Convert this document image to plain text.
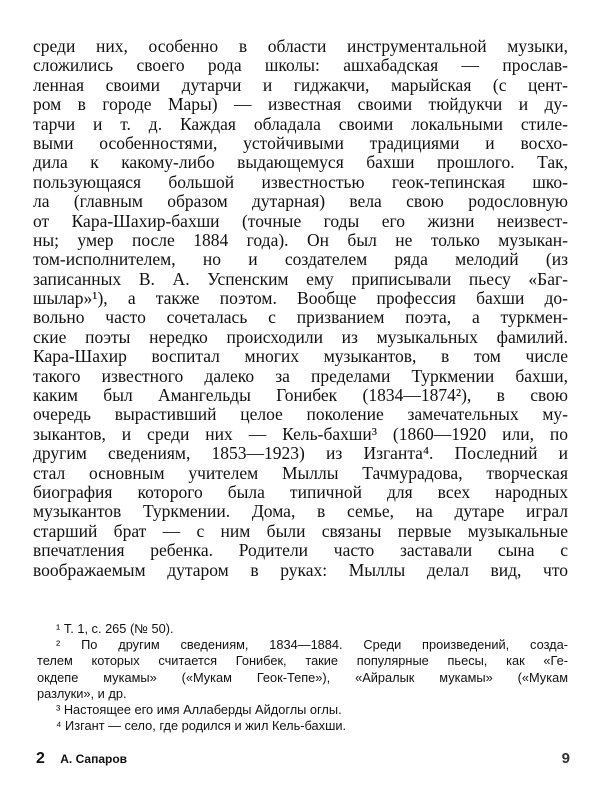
среди них, особенно в области инструментальной музыки,
сложились своего рода школы: ашхабадская — прослав-
ленная своими дутарчи и гиджакчи, марыйская (с цент-
ром в городе Мары) — известная своими тюйдукчи и ду-
тарчи и т. д. Каждая обладала своими локальными стиле-
выми особенностями, устойчивыми традициями и восхо-
дила к какому-либо выдающемуся бахши прошлого. Так,
пользующаяся большой известностью геок-тепинская шко-
ла (главным образом дутарная) вела свою родословную
от Кара-Шахир-бахши (точные годы его жизни неизвест-
ны; умер после 1884 года). Он был не только музыкан-
том-исполнителем, но и создателем ряда мелодий (из
записанных В. А. Успенским ему приписывали пьесу «Баг-
шылар»¹), а также поэтом. Вообще профессия бахши до-
вольно часто сочеталась с призванием поэта, а туркмен-
ские поэты нередко происходили из музыкальных фамилий.
Кара-Шахир воспитал многих музыкантов, в том числе
такого известного далеко за пределами Туркмении бахши,
каким был Амангельды Гонибек (1834—1874²), в свою
очередь вырастивший целое поколение замечательных му-
зыкантов, и среди них — Кель-бахши³ (1860—1920 или, по
другим сведениям, 1853—1923) из Изганта⁴. Последний и
стал основным учителем Мыллы Тачмурадова, творческая
биография которого была типичной для всех народных
музыкантов Туркмении. Дома, в семье, на дутаре играл
старший брат — с ним были связаны первые музыкальные
впечатления ребенка. Родители часто заставали сына с
воображаемым дутаром в руках: Мыллы делал вид, что
¹ Т. 1, с. 265 (№ 50).
² По другим сведениям, 1834—1884. Среди произведений, созда-
телем которых считается Гонибек, такие популярные пьесы, как «Ге-
окдепе мукамы» («Мукам Геок-Тепе»), «Айралык мукамы» («Мукам
разлуки», и др.
³ Настоящее его имя Аллаберды Айдоглы оглы.
⁴ Изгант — село, где родился и жил Кель-бахши.
2 А. Сапаров	9
